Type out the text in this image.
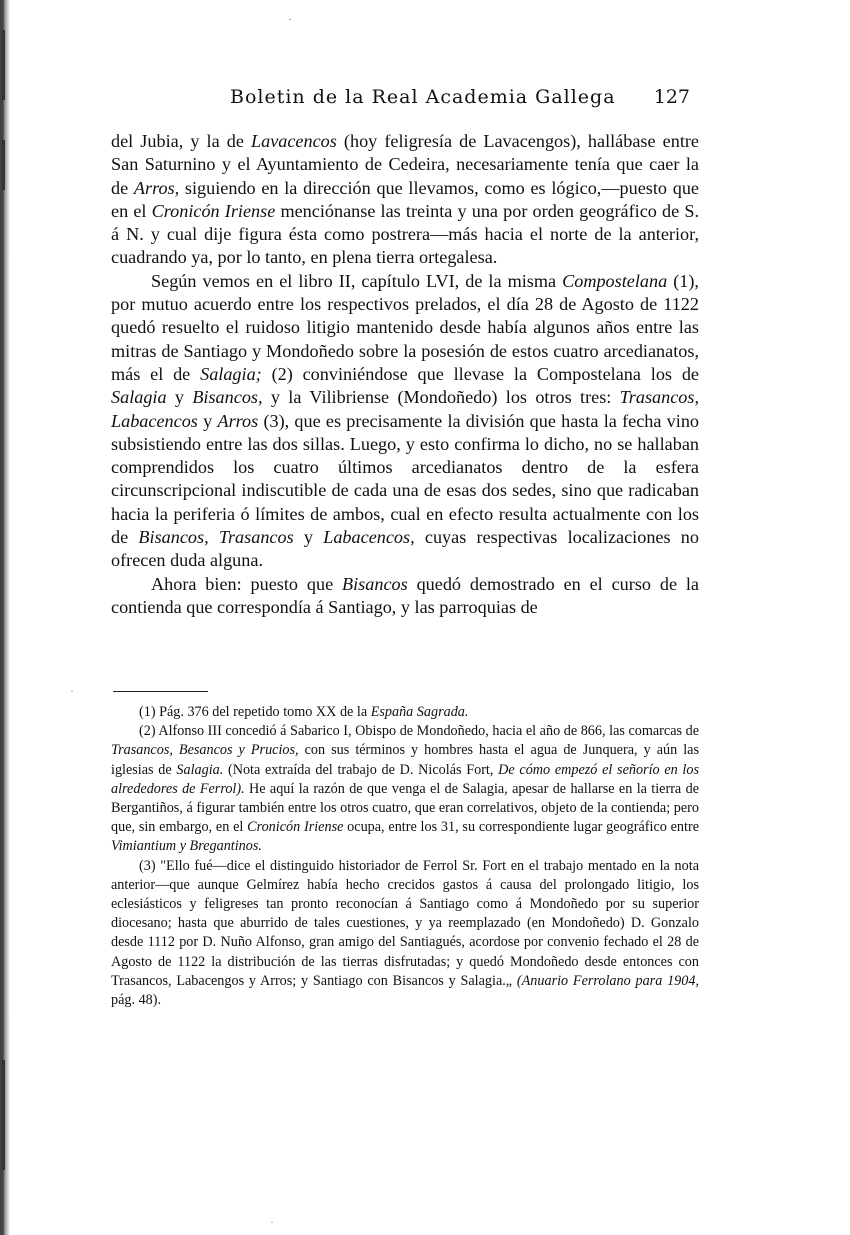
·
·
·
Boletin de la Real Academia Gallega 127

del Jubia, y la de Lavacencos (hoy feligresía de Lavacengos), hallábase entre San Saturnino y el Ayuntamiento de Cedeira, necesariamente tenía que caer la de Arros, siguiendo en la dirección que llevamos, como es lógico,—puesto que en el Cronicón Iriense menciónanse las treinta y una por orden geográfico de S. á N. y cual dije figura ésta como postrera—más hacia el norte de la anterior, cuadrando ya, por lo tanto, en plena tierra ortegalesa.

Según vemos en el libro II, capítulo LVI, de la misma Compostelana (1), por mutuo acuerdo entre los respectivos prelados, el día 28 de Agosto de 1122 quedó resuelto el ruidoso litigio mantenido desde había algunos años entre las mitras de Santiago y Mondoñedo sobre la posesión de estos cuatro arcedianatos, más el de Salagia; (2) conviniéndose que llevase la Compostelana los de Salagia y Bisancos, y la Vilibriense (Mondoñedo) los otros tres: Trasancos, Labacencos y Arros (3), que es precisamente la división que hasta la fecha vino subsistiendo entre las dos sillas. Luego, y esto confirma lo dicho, no se hallaban comprendidos los cuatro últimos arcedianatos dentro de la esfera circunscripcional indiscutible de cada una de esas dos sedes, sino que radicaban hacia la periferia ó límites de ambos, cual en efecto resulta actualmente con los de Bisancos, Trasancos y Labacencos, cuyas respectivas localizaciones no ofrecen duda alguna.

Ahora bien: puesto que Bisancos quedó demostrado en el curso de la contienda que correspondía á Santiago, y las parroquias de

(1) Pág. 376 del repetido tomo XX de la España Sagrada.

(2) Alfonso III concedió á Sabarico I, Obispo de Mondoñedo, hacia el año de 866, las comarcas de Trasancos, Besancos y Prucios, con sus términos y hombres hasta el agua de Junquera, y aún las iglesias de Salagia. (Nota extraída del trabajo de D. Nicolás Fort, De cómo empezó el señorío en los alrededores de Ferrol). He aquí la razón de que venga el de Salagia, apesar de hallarse en la tierra de Bergantiños, á figurar también entre los otros cuatro, que eran correlativos, objeto de la contienda; pero que, sin embargo, en el Cronicón Iriense ocupa, entre los 31, su correspondiente lugar geográfico entre Vimiantium y Bregantinos.

(3) "Ello fué—dice el distinguido historiador de Ferrol Sr. Fort en el trabajo mentado en la nota anterior—que aunque Gelmírez había hecho crecidos gastos á causa del prolongado litigio, los eclesiásticos y feligreses tan pronto reconocían á Santiago como á Mondoñedo por su superior diocesano; hasta que aburrido de tales cuestiones, y ya reemplazado (en Mondoñedo) D. Gonzalo desde 1112 por D. Nuño Alfonso, gran amigo del Santiagués, acordose por convenio fechado el 28 de Agosto de 1122 la distribución de las tierras disfrutadas; y quedó Mondoñedo desde entonces con Trasancos, Labacengos y Arros; y Santiago con Bisancos y Salagia.„ (Anuario Ferrolano para 1904, pág. 48).
